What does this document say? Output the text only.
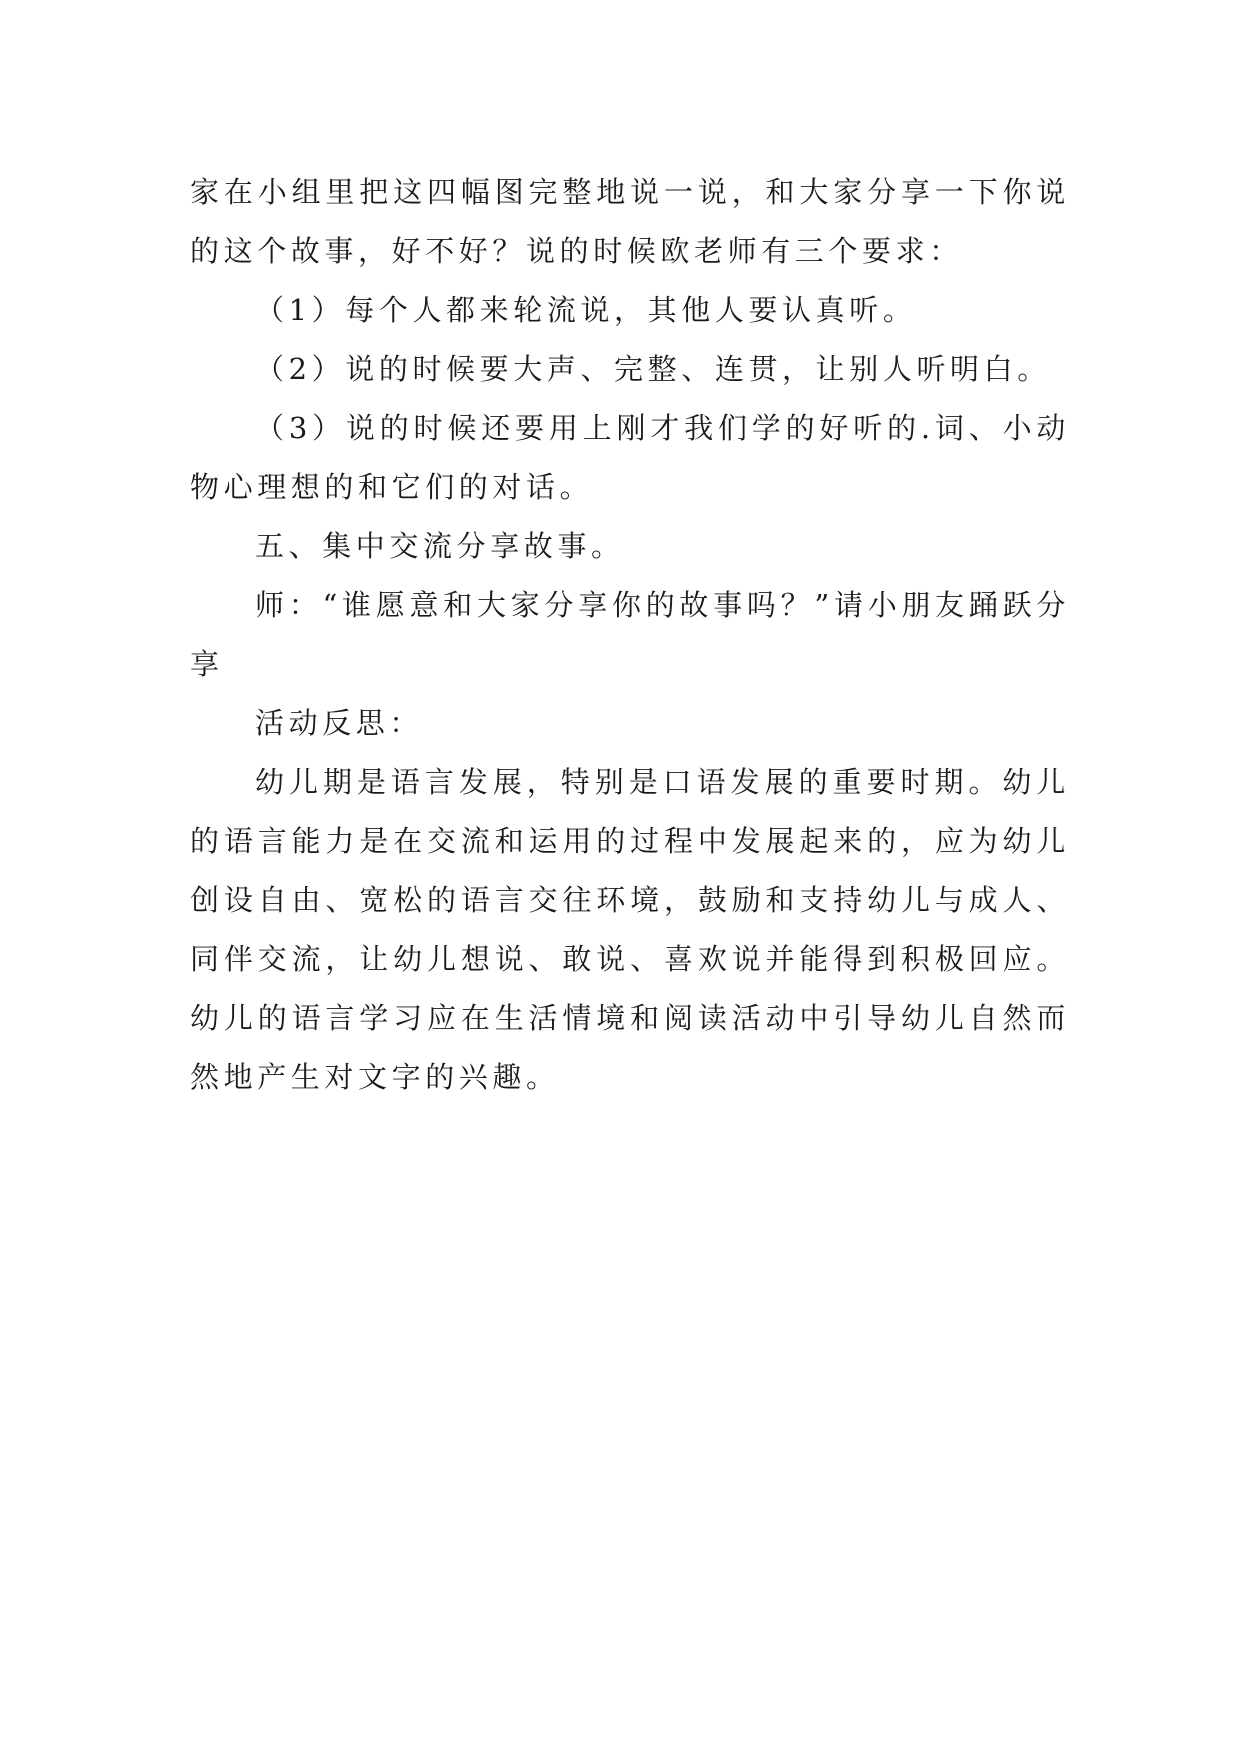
家在小组里把这四幅图完整地说一说，和大家分享一下你说的这个故事，好不好？说的时候欧老师有三个要求：

（1）每个人都来轮流说，其他人要认真听。

（2）说的时候要大声、完整、连贯，让别人听明白。

（3）说的时候还要用上刚才我们学的好听的.词、小动物心理想的和它们的对话。

五、集中交流分享故事。

师：“谁愿意和大家分享你的故事吗？”请小朋友踊跃分享

活动反思：

幼儿期是语言发展，特别是口语发展的重要时期。幼儿的语言能力是在交流和运用的过程中发展起来的，应为幼儿创设自由、宽松的语言交往环境，鼓励和支持幼儿与成人、同伴交流，让幼儿想说、敢说、喜欢说并能得到积极回应。幼儿的语言学习应在生活情境和阅读活动中引导幼儿自然而然地产生对文字的兴趣。
